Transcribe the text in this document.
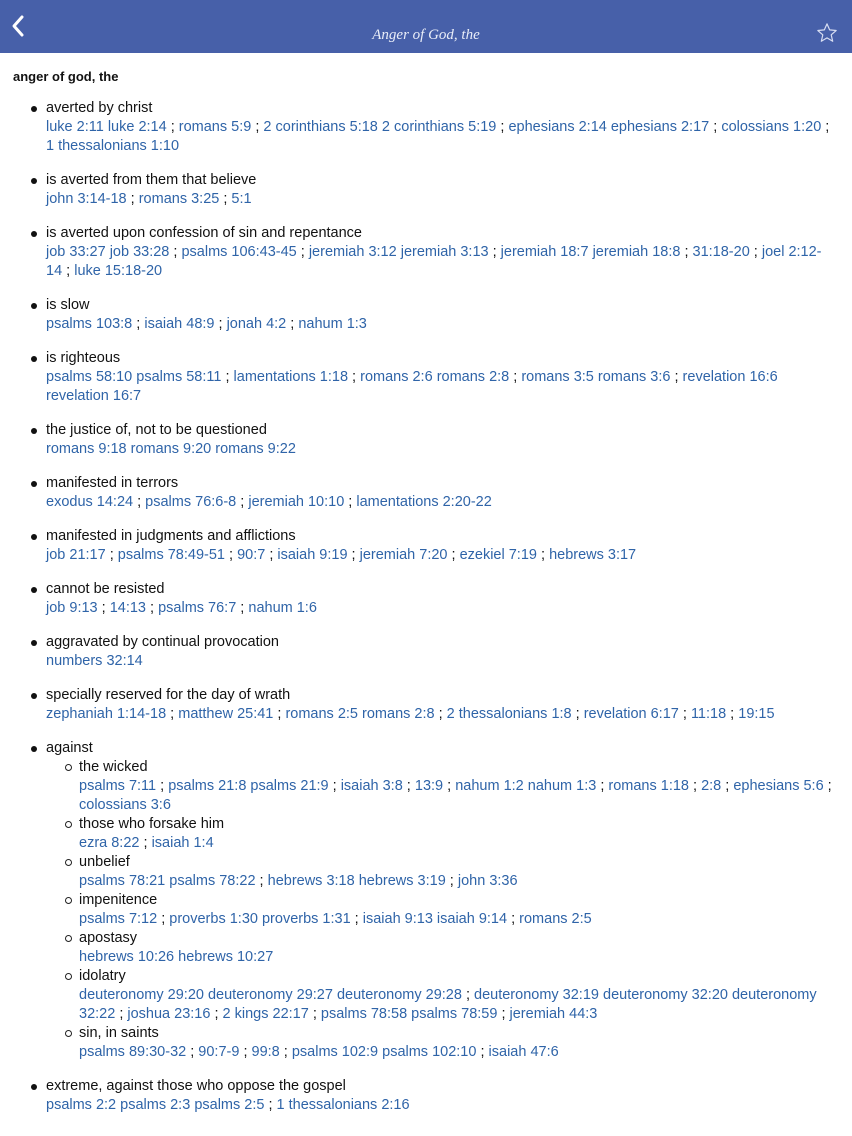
Anger of God, the
anger of god, the
averted by christ
luke 2:11 luke 2:14 ; romans 5:9 ; 2 corinthians 5:18 2 corinthians 5:19 ; ephesians 2:14 ephesians 2:17 ; colossians 1:20 ; 1 thessalonians 1:10
is averted from them that believe
john 3:14-18 ; romans 3:25 ; 5:1
is averted upon confession of sin and repentance
job 33:27 job 33:28 ; psalms 106:43-45 ; jeremiah 3:12 jeremiah 3:13 ; jeremiah 18:7 jeremiah 18:8 ; 31:18-20 ; joel 2:12-14 ; luke 15:18-20
is slow
psalms 103:8 ; isaiah 48:9 ; jonah 4:2 ; nahum 1:3
is righteous
psalms 58:10 psalms 58:11 ; lamentations 1:18 ; romans 2:6 romans 2:8 ; romans 3:5 romans 3:6 ; revelation 16:6 revelation 16:7
the justice of, not to be questioned
romans 9:18 romans 9:20 romans 9:22
manifested in terrors
exodus 14:24 ; psalms 76:6-8 ; jeremiah 10:10 ; lamentations 2:20-22
manifested in judgments and afflictions
job 21:17 ; psalms 78:49-51 ; 90:7 ; isaiah 9:19 ; jeremiah 7:20 ; ezekiel 7:19 ; hebrews 3:17
cannot be resisted
job 9:13 ; 14:13 ; psalms 76:7 ; nahum 1:6
aggravated by continual provocation
numbers 32:14
specially reserved for the day of wrath
zephaniah 1:14-18 ; matthew 25:41 ; romans 2:5 romans 2:8 ; 2 thessalonians 1:8 ; revelation 6:17 ; 11:18 ; 19:15
against
the wicked
psalms 7:11 ; psalms 21:8 psalms 21:9 ; isaiah 3:8 ; 13:9 ; nahum 1:2 nahum 1:3 ; romans 1:18 ; 2:8 ; ephesians 5:6 ; colossians 3:6
those who forsake him
ezra 8:22 ; isaiah 1:4
unbelief
psalms 78:21 psalms 78:22 ; hebrews 3:18 hebrews 3:19 ; john 3:36
impenitence
psalms 7:12 ; proverbs 1:30 proverbs 1:31 ; isaiah 9:13 isaiah 9:14 ; romans 2:5
apostasy
hebrews 10:26 hebrews 10:27
idolatry
deuteronomy 29:20 deuteronomy 29:27 deuteronomy 29:28 ; deuteronomy 32:19 deuteronomy 32:20 deuteronomy 32:22 ; joshua 23:16 ; 2 kings 22:17 ; psalms 78:58 psalms 78:59 ; jeremiah 44:3
sin, in saints
psalms 89:30-32 ; 90:7-9 ; 99:8 ; psalms 102:9 psalms 102:10 ; isaiah 47:6
extreme, against those who oppose the gospel
psalms 2:2 psalms 2:3 psalms 2:5 ; 1 thessalonians 2:16
